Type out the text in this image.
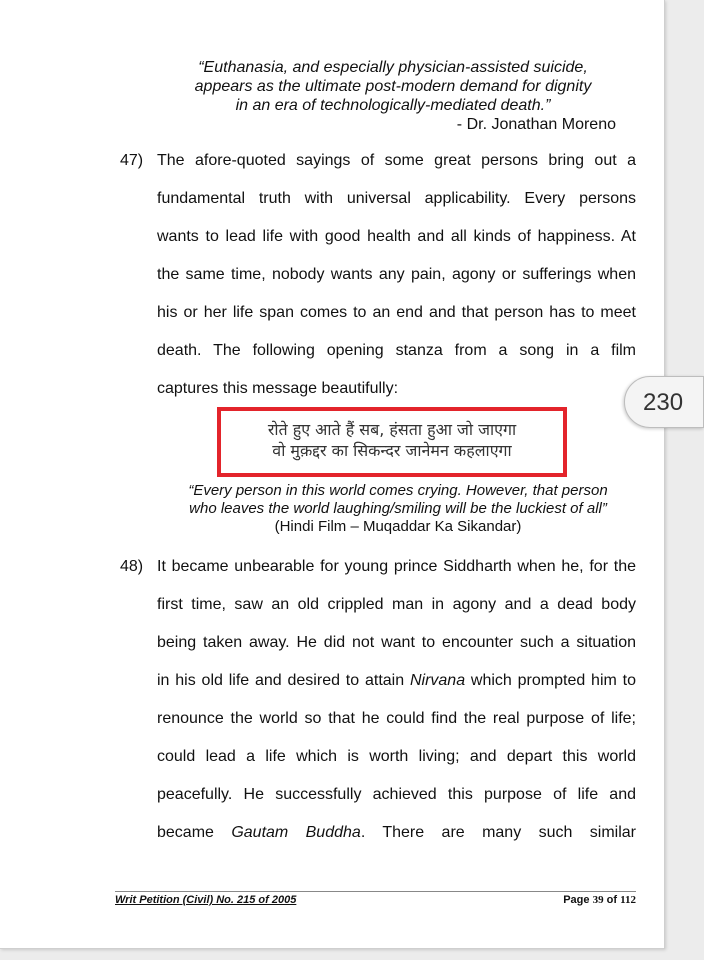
“Euthanasia, and especially physician-assisted suicide,
appears as the ultimate post-modern demand for dignity
in an era of technologically-mediated death.”
- Dr. Jonathan Moreno
47) The afore-quoted sayings of some great persons bring out a
fundamental truth with universal applicability. Every persons
wants to lead life with good health and all kinds of happiness. At
the same time, nobody wants any pain, agony or sufferings when
his or her life span comes to an end and that person has to meet
death. The following opening stanza from a song in a film
captures this message beautifully:
रोते हुए आते हैं सब, हंसता हुआ जो जाएगा
वो मुक़द्दर का सिकन्दर जानेमन कहलाएगा
“Every person in this world comes crying. However, that person
who leaves the world laughing/smiling will be the luckiest of all”
(Hindi Film – Muqaddar Ka Sikandar)
48) It became unbearable for young prince Siddharth when he, for the
first time, saw an old crippled man in agony and a dead body
being taken away. He did not want to encounter such a situation
in his old life and desired to attain Nirvana which prompted him to
renounce the world so that he could find the real purpose of life;
could lead a life which is worth living; and depart this world
peacefully. He successfully achieved this purpose of life and
became Gautam Buddha. There are many such similar
Writ Petition (Civil) No. 215 of 2005	Page 39 of 112
230
